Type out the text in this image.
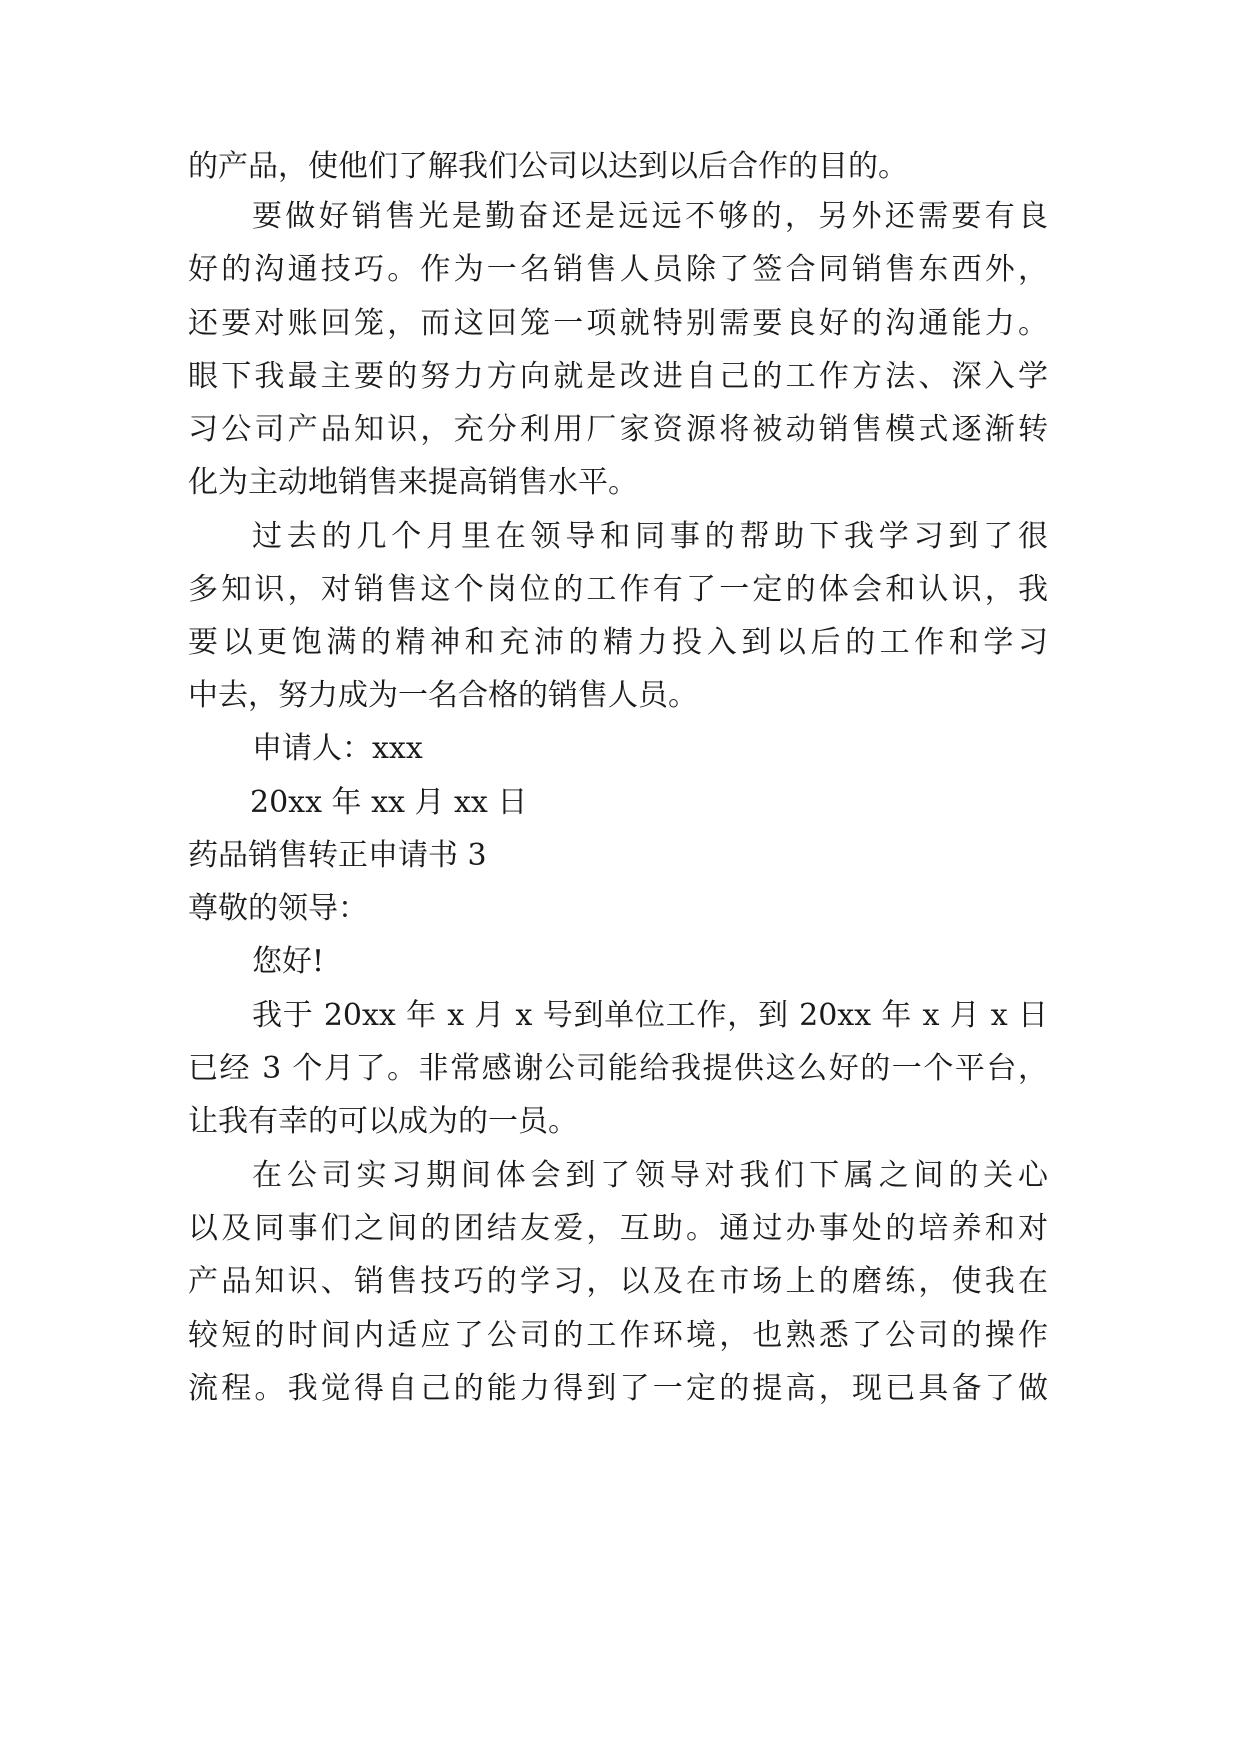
的产品，使他们了解我们公司以达到以后合作的目的。
要做好销售光是勤奋还是远远不够的，另外还需要有良
好的沟通技巧。作为一名销售人员除了签合同销售东西外，
还要对账回笼，而这回笼一项就特别需要良好的沟通能力。
眼下我最主要的努力方向就是改进自己的工作方法、深入学
习公司产品知识，充分利用厂家资源将被动销售模式逐渐转
化为主动地销售来提高销售水平。
过去的几个月里在领导和同事的帮助下我学习到了很
多知识，对销售这个岗位的工作有了一定的体会和认识，我
要以更饱满的精神和充沛的精力投入到以后的工作和学习
中去，努力成为一名合格的销售人员。
申请人：xxx
20xx 年 xx 月 xx 日
药品销售转正申请书 3
尊敬的领导：
您好!
我于 20xx 年 x 月 x 号到单位工作，到 20xx 年 x 月 x 日
已经 3 个月了。非常感谢公司能给我提供这么好的一个平台，
让我有幸的可以成为的一员。
在公司实习期间体会到了领导对我们下属之间的关心
以及同事们之间的团结友爱，互助。通过办事处的培养和对
产品知识、销售技巧的学习，以及在市场上的磨练，使我在
较短的时间内适应了公司的工作环境，也熟悉了公司的操作
流程。我觉得自己的能力得到了一定的提高，现已具备了做
